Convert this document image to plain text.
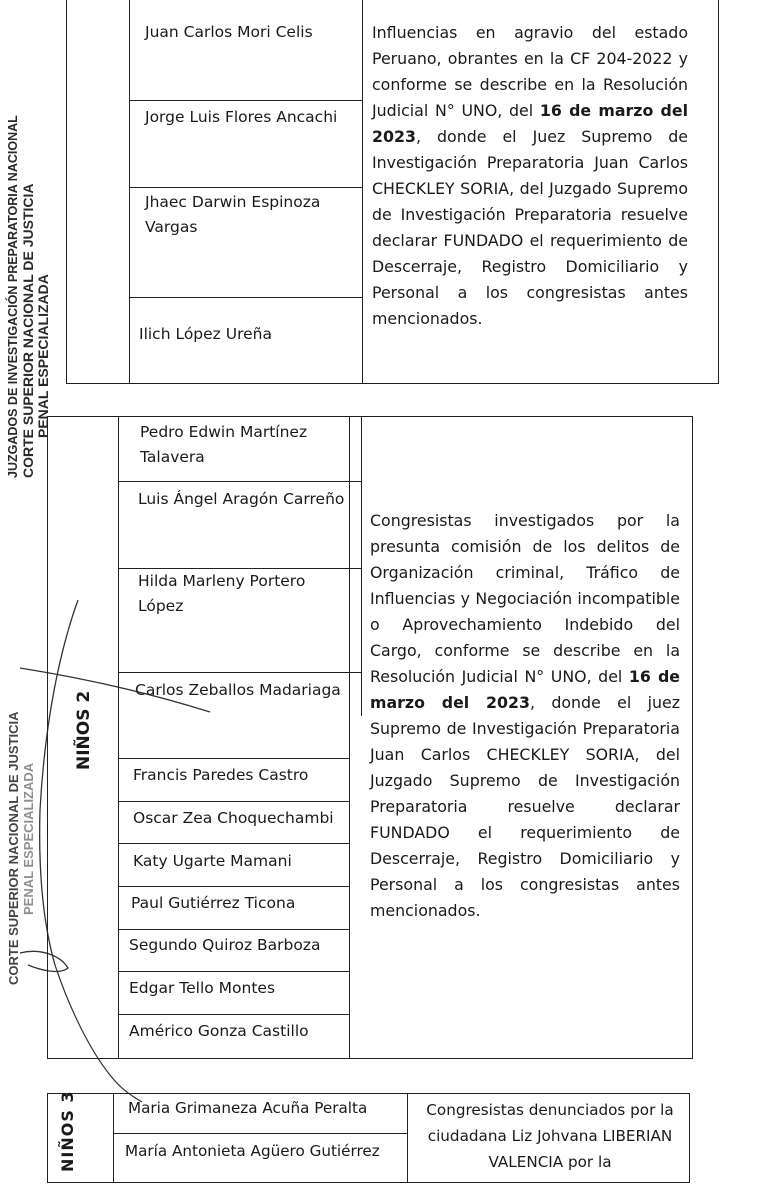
JUZGADOS DE INVESTIGACIÓN PREPARATORIA NACIONAL CORTE SUPERIOR NACIONAL DE JUSTICIA PENAL ESPECIALIZADA
CORTE SUPERIOR NACIONAL DE JUSTICIA PENAL ESPECIALIZADA
Juan Carlos Mori Celis
Jorge Luis Flores Ancachi
Jhaec Darwin Espinoza Vargas
Ilich López Ureña
Influencias en agravio del estado Peruano, obrantes en la CF 204-2022 y conforme se describe en la Resolución Judicial N° UNO, del 16 de marzo del 2023, donde el Juez Supremo de Investigación Preparatoria Juan Carlos CHECKLEY SORIA, del Juzgado Supremo de Investigación Preparatoria resuelve declarar FUNDADO el requerimiento de Descerraje, Registro Domiciliario y Personal a los congresistas antes mencionados.
NIÑOS 2
Pedro Edwin Martínez Talavera
Luis Ángel Aragón Carreño
Hilda Marleny Portero López
Carlos Zeballos Madariaga
Francis Paredes Castro
Oscar Zea Choquechambi
Katy Ugarte Mamani
Paul Gutiérrez Ticona
Segundo Quiroz Barboza
Edgar Tello Montes
Américo Gonza Castillo
Congresistas investigados por la presunta comisión de los delitos de Organización criminal, Tráfico de Influencias y Negociación incompatible o Aprovechamiento Indebido del Cargo, conforme se describe en la Resolución Judicial N° UNO, del 16 de marzo del 2023, donde el juez Supremo de Investigación Preparatoria Juan Carlos CHECKLEY SORIA, del Juzgado Supremo de Investigación Preparatoria resuelve declarar FUNDADO el requerimiento de Descerraje, Registro Domiciliario y Personal a los congresistas antes mencionados.
NIÑOS 3	Maria Grimaneza Acuña Peralta
María Antonieta Agüero Gutiérrez
Congresistas denunciados por la ciudadana Liz Johvana LIBERIAN VALENCIA por la
